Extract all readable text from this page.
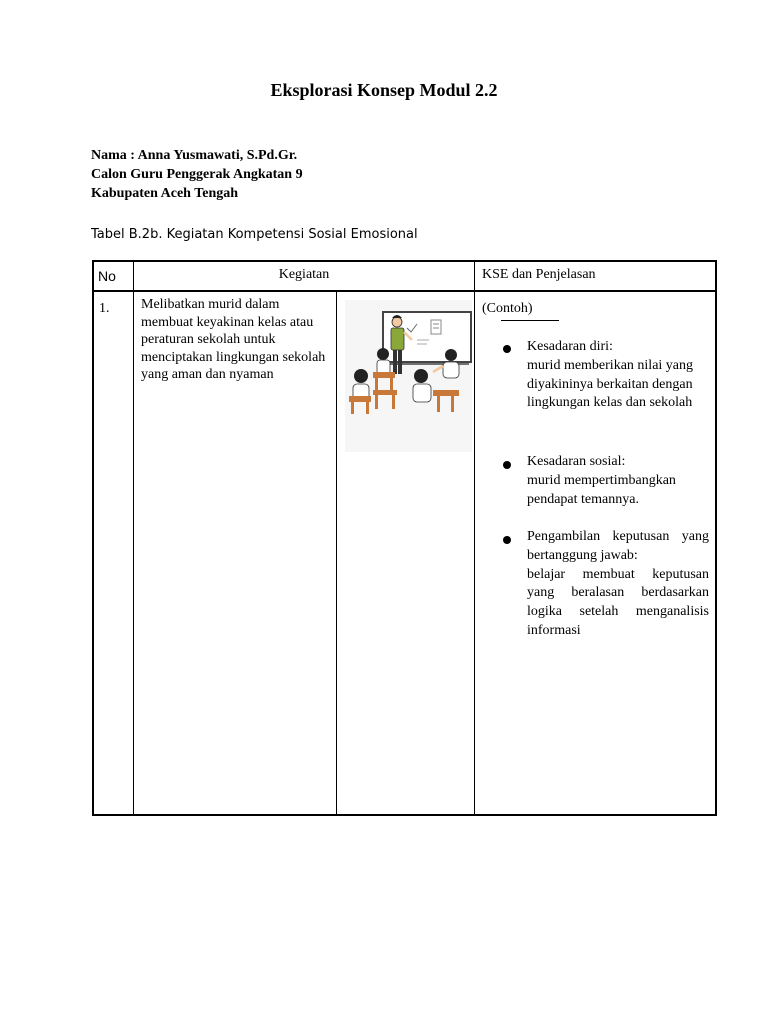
Eksplorasi Konsep Modul 2.2
Nama : Anna Yusmawati, S.Pd.Gr.
Calon Guru Penggerak Angkatan 9
Kabupaten Aceh Tengah
Tabel B.2b. Kegiatan Kompetensi Sosial Emosional
No	Kegiatan	KSE dan Penjelasan
1. Melibatkan murid dalam membuat keyakinan kelas atau peraturan sekolah untuk menciptakan lingkungan sekolah yang aman dan nyaman
(Contoh)
Kesadaran diri:
murid memberikan nilai yang diyakininya berkaitan dengan lingkungan kelas dan sekolah
Kesadaran sosial:
murid mempertimbangkan pendapat temannya.
Pengambilan keputusan yang bertanggung jawab:
belajar membuat keputusan yang beralasan berdasarkan logika setelah menganalisis informasi
